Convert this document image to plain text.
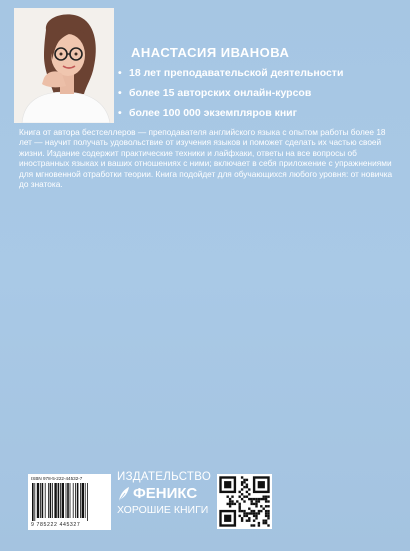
АНАСТАСИЯ ИВАНОВА
• 18 лет преподавательской деятельности
• более 15 авторских онлайн-курсов
• более 100 000 экземпляров книг
Книга от автора бестселлеров — преподавателя английского языка с опытом работы более 18 лет — научит получать удовольствие от изучения языков и поможет сделать их частью своей жизни. Издание содержит практические техники и лайфхаки, ответы на все вопросы об иностранных языках и ваших отношениях с ними; включает в себя приложение с упражнениями для мгновенной отработки теории. Книга подойдет для обучающихся любого уровня: от новичка до знатока.
ISBN 978-5-222-44532-7
9 785222 445327
ИЗДАТЕЛЬСТВО
ФЕНИКС
ХОРОШИЕ КНИГИ
